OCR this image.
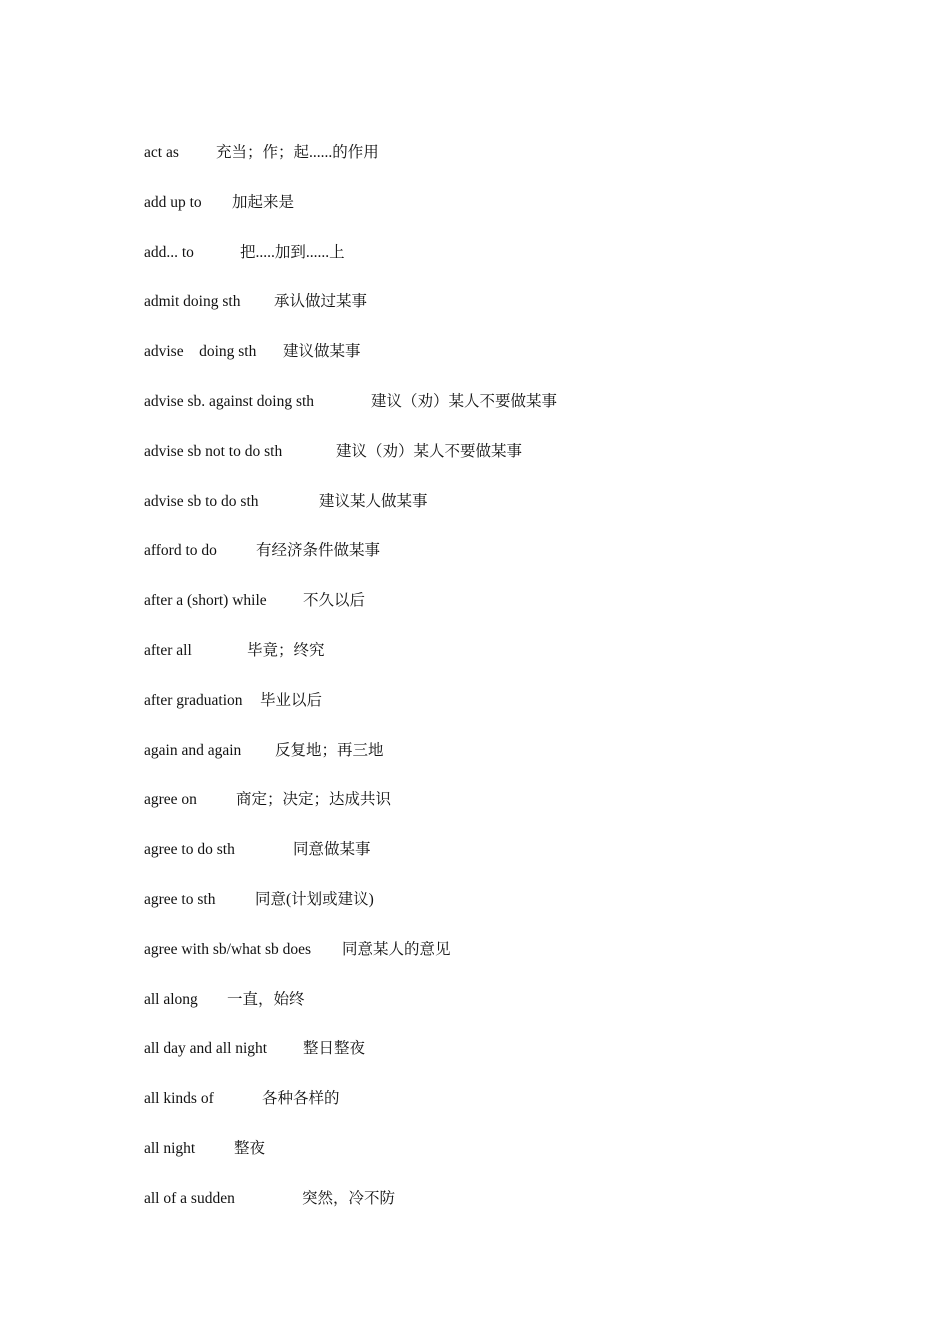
act as 充当；作；起......的作用
add up to 加起来是
add... to	把.....加到......上
admit doing sth 承认做过某事
advise    doing sth 建议做某事
advise sb. against doing sth	建议（劝）某人不要做某事
advise sb not to do sth	建议（劝）某人不要做某事
advise sb to do sth	建议某人做某事
afford to do	有经济条件做某事
after a (short) while 不久以后
after all	毕竟；终究
after graduation 毕业以后
again and again 反复地；再三地
agree on	商定；决定；达成共识
agree to do sth	同意做某事
agree to sth	同意(计划或建议)
agree with sb/what sb does 同意某人的意见
all along 一直，始终
all day and all night 整日整夜
all kinds of	各种各样的
all night	整夜
all of a sudden	突然，冷不防
